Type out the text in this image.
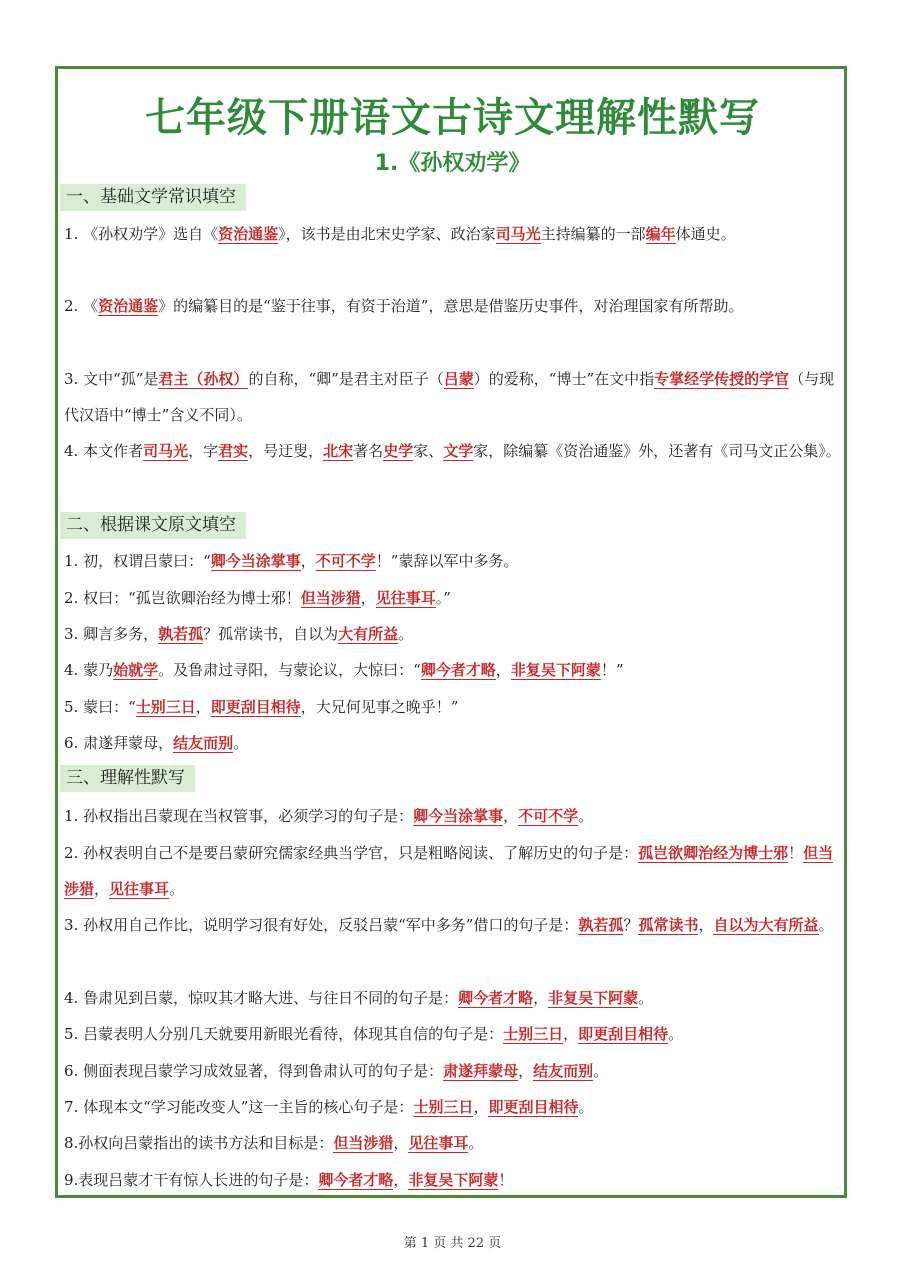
七年级下册语文古诗文理解性默写
1.《孙权劝学》
一、基础文学常识填空
1. 《孙权劝学》选自《资治通鉴》，该书是由北宋史学家、政治家司马光主持编纂的一部编年体通史。
2. 《资治通鉴》的编纂目的是“鉴于往事，有资于治道”，意思是借鉴历史事件，对治理国家有所帮助。
3. 文中“孤”是君主（孙权）的自称，“卿”是君主对臣子（吕蒙）的爱称，“博士”在文中指专掌经学传授的学官（与现代汉语中“博士”含义不同）。
4. 本文作者司马光，字君实，号迂叟，北宋著名史学家、文学家，除编纂《资治通鉴》外，还著有《司马文正公集》。
二、根据课文原文填空
1. 初，权谓吕蒙曰：“卿今当涂掌事，不可不学！”蒙辞以军中多务。
2. 权曰：“孤岂欲卿治经为博士邪！但当涉猎，见往事耳。”
3. 卿言多务，孰若孤？孤常读书，自以为大有所益。
4. 蒙乃始就学。及鲁肃过寻阳，与蒙论议，大惊曰：“卿今者才略，非复吴下阿蒙！”
5. 蒙曰：“士别三日，即更刮目相待，大兄何见事之晚乎！”
6. 肃遂拜蒙母，结友而别。
三、理解性默写
1. 孙权指出吕蒙现在当权管事，必须学习的句子是：卿今当涂掌事，不可不学。
2. 孙权表明自己不是要吕蒙研究儒家经典当学官，只是粗略阅读、了解历史的句子是：孤岂欲卿治经为博士邪！但当涉猎，见往事耳。
3. 孙权用自己作比，说明学习很有好处，反驳吕蒙“军中多务”借口的句子是：孰若孤？孤常读书，自以为大有所益。
4. 鲁肃见到吕蒙，惊叹其才略大进、与往日不同的句子是：卿今者才略，非复吴下阿蒙。
5. 吕蒙表明人分别几天就要用新眼光看待，体现其自信的句子是：士别三日，即更刮目相待。
6. 侧面表现吕蒙学习成效显著，得到鲁肃认可的句子是：肃遂拜蒙母，结友而别。
7. 体现本文“学习能改变人”这一主旨的核心句子是：士别三日，即更刮目相待。
8.孙权向吕蒙指出的读书方法和目标是：但当涉猎，见往事耳。
9.表现吕蒙才干有惊人长进的句子是：卿今者才略，非复吴下阿蒙！
第 1 页 共 22 页
